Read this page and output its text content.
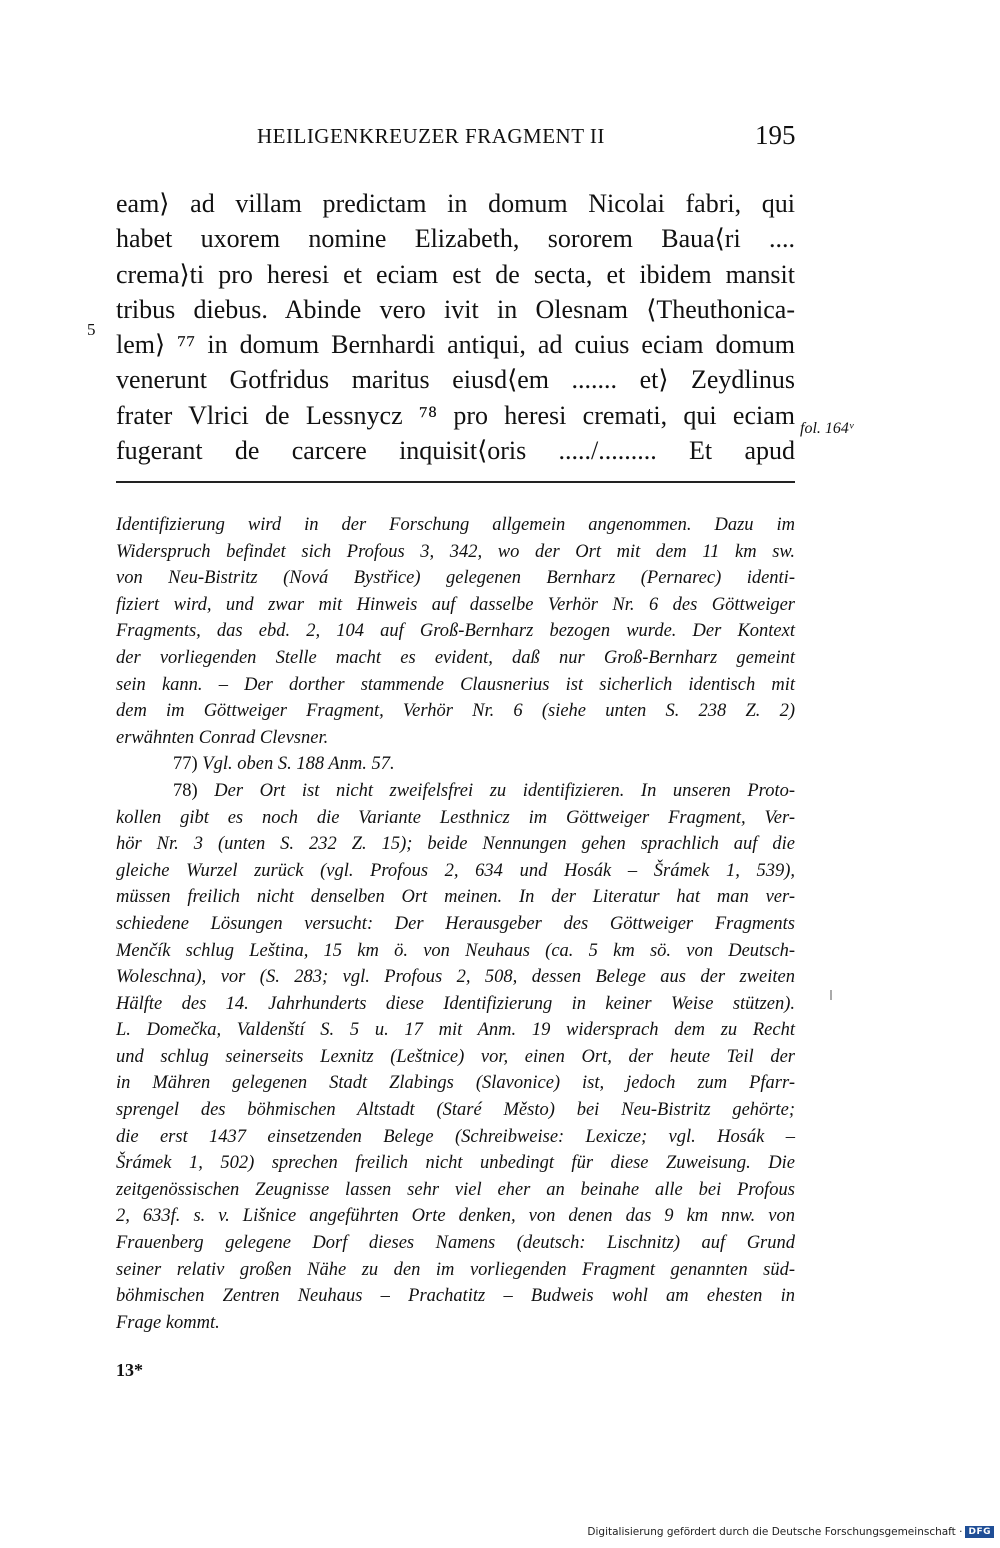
HEILIGENKREUZER FRAGMENT II	195
5
eam⟩ ad villam predictam in domum Nicolai fabri, qui
habet uxorem nomine Elizabeth, sororem Baua⟨ri ....
crema⟩ti pro heresi et eciam est de secta, et ibidem mansit
tribus diebus. Abinde vero ivit in Olesnam ⟨Theuthonica-
lem⟩ ⁷⁷ in domum Bernhardi antiqui, ad cuius eciam domum
venerunt Gotfridus maritus eiusd⟨em ....... et⟩ Zeydlinus
frater Vlrici de Lessnycz ⁷⁸ pro heresi cremati, qui eciam
fugerant de carcere inquisit⟨oris ...../......... Et apud
fol. 164ᵛ
Identifizierung wird in der Forschung allgemein angenommen. Dazu im
Widerspruch befindet sich Profous 3, 342, wo der Ort mit dem 11 km sw.
von Neu-Bistritz (Nová Bystřice) gelegenen Bernharz (Pernarec) identi-
fiziert wird, und zwar mit Hinweis auf dasselbe Verhör Nr. 6 des Göttweiger
Fragments, das ebd. 2, 104 auf Groß-Bernharz bezogen wurde. Der Kontext
der vorliegenden Stelle macht es evident, daß nur Groß-Bernharz gemeint
sein kann. – Der dorther stammende Clausnerius ist sicherlich identisch mit
dem im Göttweiger Fragment, Verhör Nr. 6 (siehe unten S. 238 Z. 2)
erwähnten Conrad Clevsner.
77) Vgl. oben S. 188 Anm. 57.
78) Der Ort ist nicht zweifelsfrei zu identifizieren. In unseren Proto-
kollen gibt es noch die Variante Lesthnicz im Göttweiger Fragment, Ver-
hör Nr. 3 (unten S. 232 Z. 15); beide Nennungen gehen sprachlich auf die
gleiche Wurzel zurück (vgl. Profous 2, 634 und Hosák – Šrámek 1, 539),
müssen freilich nicht denselben Ort meinen. In der Literatur hat man ver-
schiedene Lösungen versucht: Der Herausgeber des Göttweiger Fragments
Menčík schlug Leština, 15 km ö. von Neuhaus (ca. 5 km sö. von Deutsch-
Woleschna), vor (S. 283; vgl. Profous 2, 508, dessen Belege aus der zweiten
Hälfte des 14. Jahrhunderts diese Identifizierung in keiner Weise stützen).
L. Domečka, Valdenští S. 5 u. 17 mit Anm. 19 widersprach dem zu Recht
und schlug seinerseits Lexnitz (Leštnice) vor, einen Ort, der heute Teil der
in Mähren gelegenen Stadt Zlabings (Slavonice) ist, jedoch zum Pfarr-
sprengel des böhmischen Altstadt (Staré Město) bei Neu-Bistritz gehörte;
die erst 1437 einsetzenden Belege (Schreibweise: Lexicze; vgl. Hosák –
Šrámek 1, 502) sprechen freilich nicht unbedingt für diese Zuweisung. Die
zeitgenössischen Zeugnisse lassen sehr viel eher an beinahe alle bei Profous
2, 633f. s. v. Lišnice angeführten Orte denken, von denen das 9 km nnw. von
Frauenberg gelegene Dorf dieses Namens (deutsch: Lischnitz) auf Grund
seiner relativ großen Nähe zu den im vorliegenden Fragment genannten süd-
böhmischen Zentren Neuhaus – Prachatitz – Budweis wohl am ehesten in
Frage kommt.
13*
Digitalisierung gefördert durch die Deutsche Forschungsgemeinschaft · DFG
